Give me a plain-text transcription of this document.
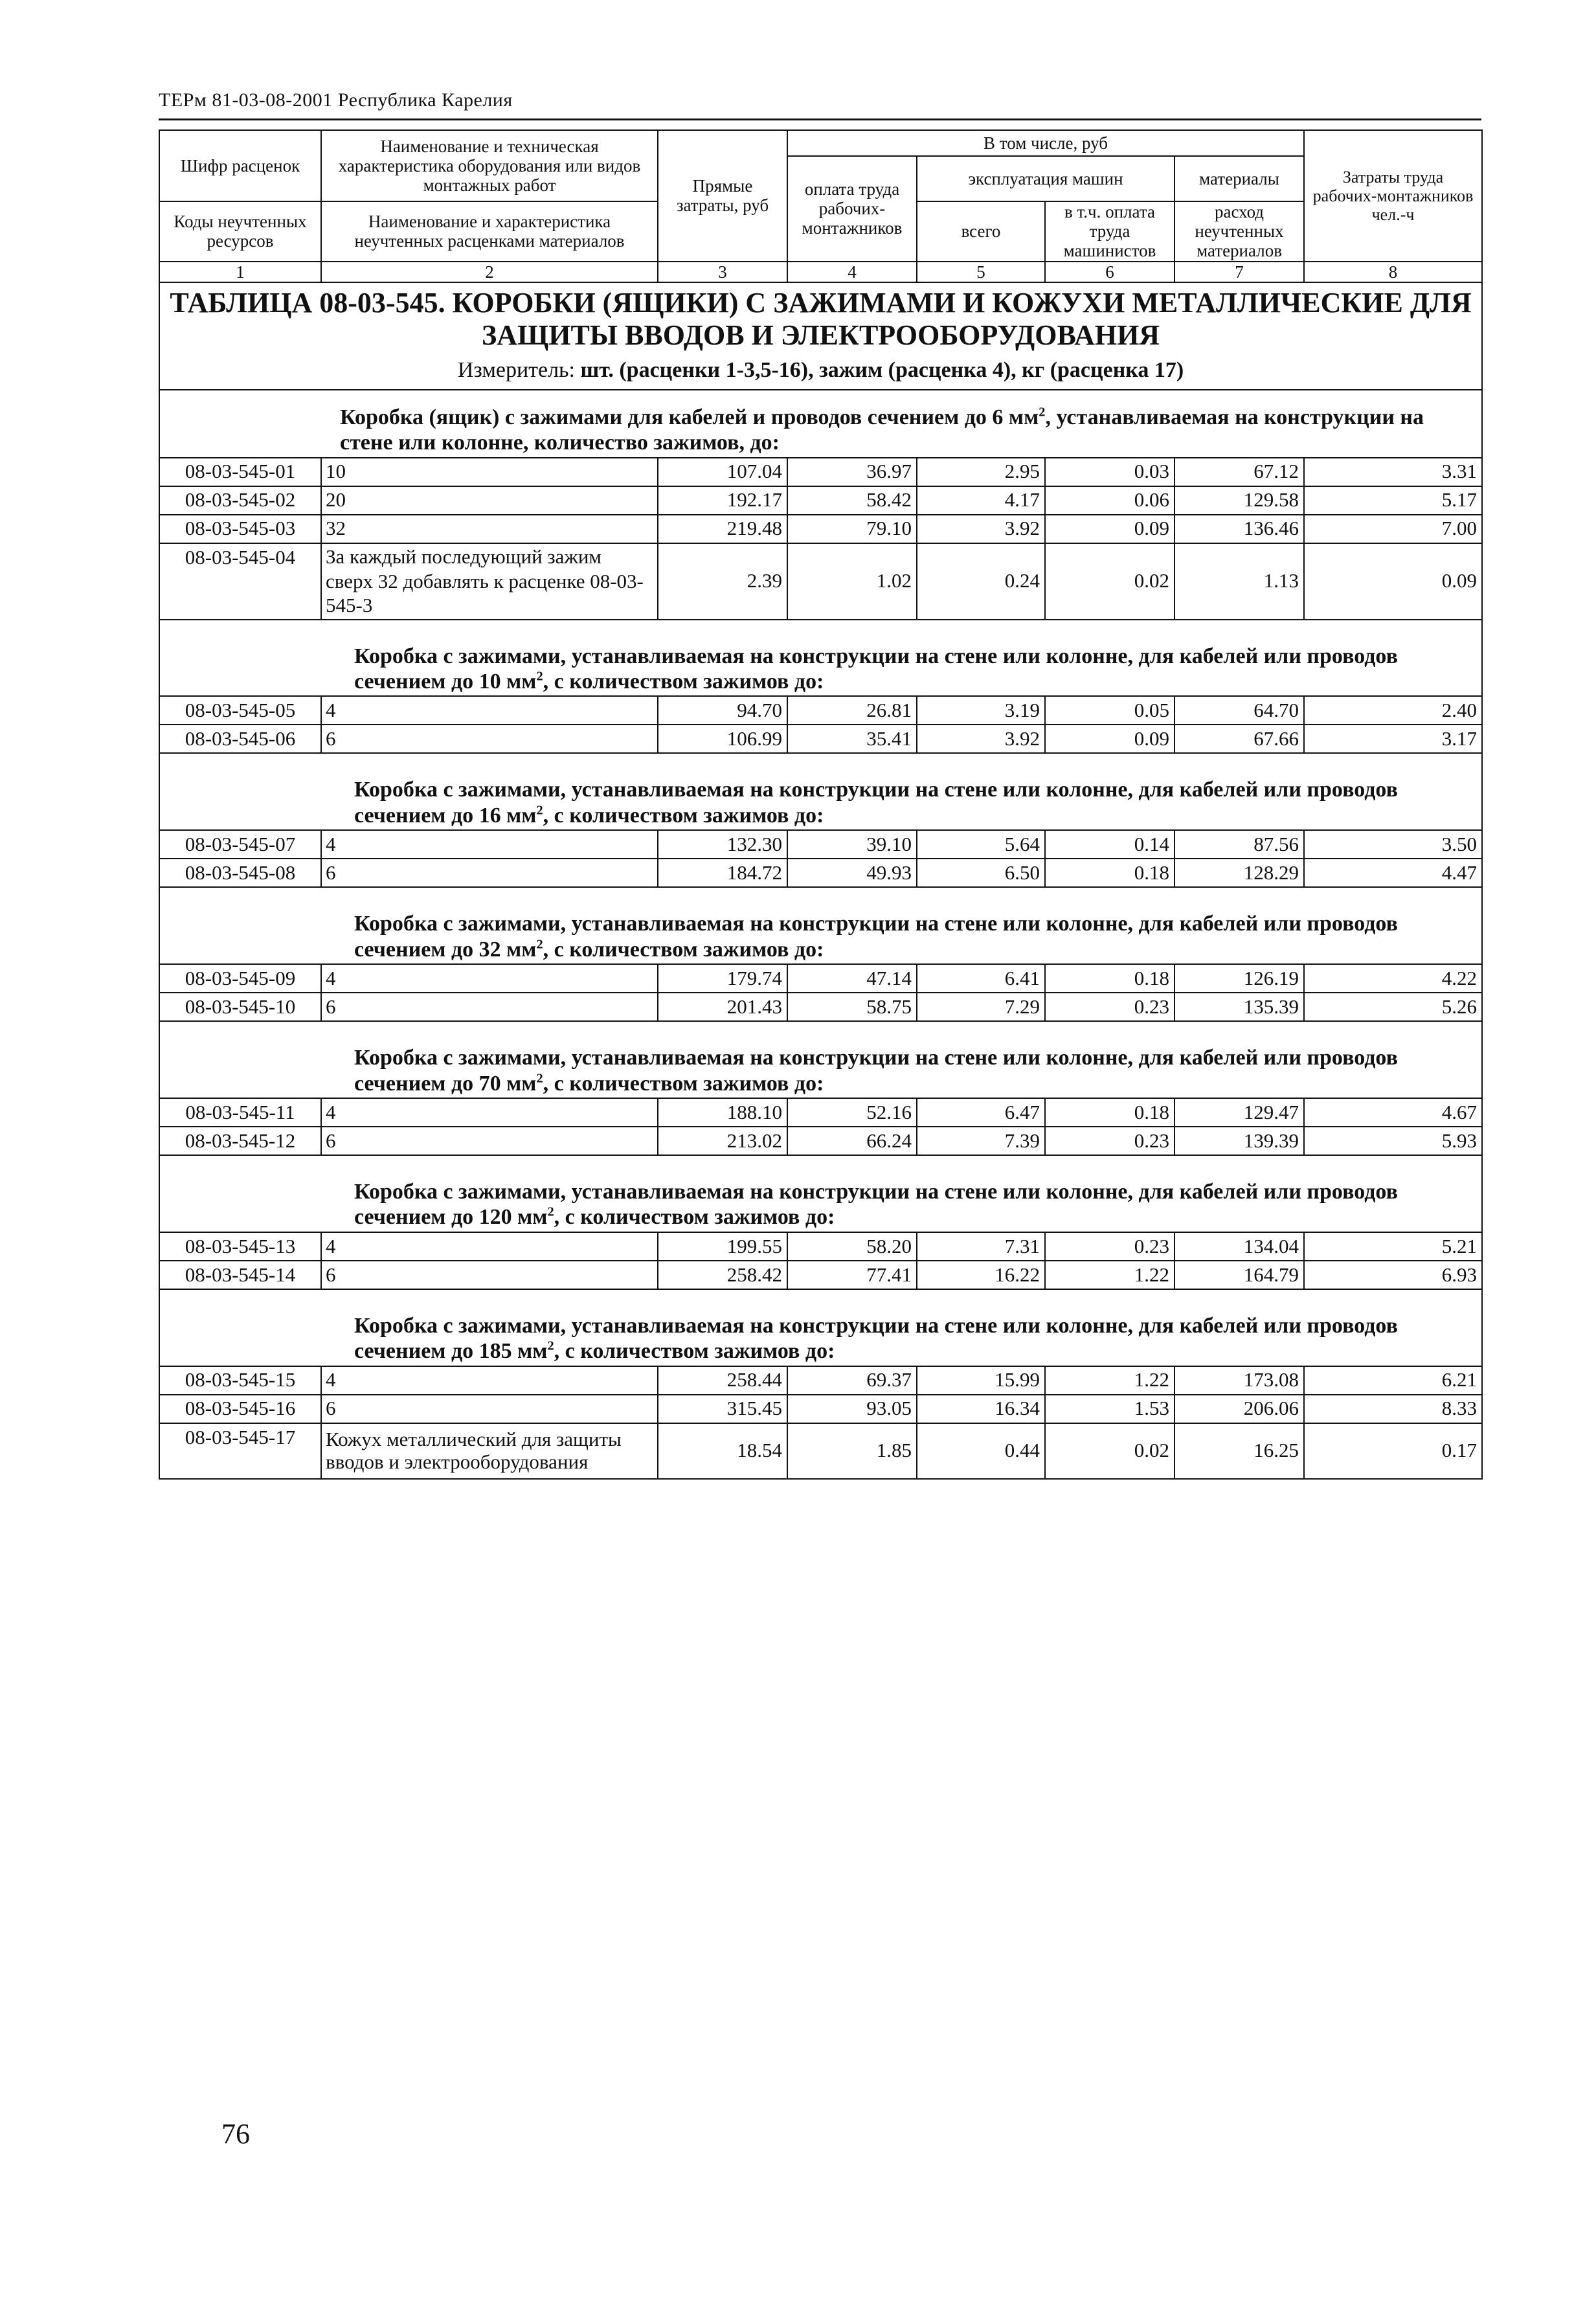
ТЕРм 81-03-08-2001 Республика Карелия
Шифр расценок	Наименование и техническая характеристика оборудования или видов монтажных работ	Прямые затраты, руб	В том числе, руб				Затраты труда рабочих-монтажников чел.-ч
			оплата труда рабочих-монтажников	эксплуатация машин		материалы	
Коды неучтенных ресурсов	Наименование и характеристика неучтенных расценками материалов			всего	в т.ч. оплата труда машинистов	расход неучтенных материалов	

1	2	3	4	5	6	7	8

ТАБЛИЦА 08-03-545. КОРОБКИ (ЯЩИКИ) С ЗАЖИМАМИ И КОЖУХИ МЕТАЛЛИЧЕСКИЕ ДЛЯ ЗАЩИТЫ ВВОДОВ И ЭЛЕКТРООБОРУДОВАНИЯ
Измеритель: шт. (расценки 1-3,5-16), зажим (расценка 4), кг (расценка 17)							

Коробка (ящик) с зажимами для кабелей и проводов сечением до 6 $мм^2$, устанавливаемая на конструкции на стене или колонне, количество зажимов, до:							
08-03-545-01	10	107.04	36.97	2.95	0.03	67.12	3.31
08-03-545-02	20	192.17	58.42	4.17	0.06	129.58	5.17
08-03-545-03	32	219.48	79.10	3.92	0.09	136.46	7.00
08-03-545-04	За каждый последующий зажим сверх 32 добавлять к расценке 08-03-545-3	2.39	1.02	0.24	0.02	1.13	0.09
Коробка с зажимами, устанавливаемая на конструкции на стене или колонне, для кабелей или проводов сечением до 10 $мм^2$, с количеством зажимов до:							
08-03-545-05	4	94.70	26.81	3.19	0.05	64.70	2.40
08-03-545-06	6	106.99	35.41	3.92	0.09	67.66	3.17
Коробка с зажимами, устанавливаемая на конструкции на стене или колонне, для кабелей или проводов сечением до 16 $мм^2$, с количеством зажимов до:							
08-03-545-07	4	132.30	39.10	5.64	0.14	87.56	3.50
08-03-545-08	6	184.72	49.93	6.50	0.18	128.29	4.47
Коробка с зажимами, устанавливаемая на конструкции на стене или колонне, для кабелей или проводов сечением до 32 $мм^2$, с количеством зажимов до:							
08-03-545-09	4	179.74	47.14	6.41	0.18	126.19	4.22
08-03-545-10	6	201.43	58.75	7.29	0.23	135.39	5.26
Коробка с зажимами, устанавливаемая на конструкции на стене или колонне, для кабелей или проводов сечением до 70 $мм^2$, с количеством зажимов до:							
08-03-545-11	4	188.10	52.16	6.47	0.18	129.47	4.67
08-03-545-12	6	213.02	66.24	7.39	0.23	139.39	5.93
Коробка с зажимами, устанавливаемая на конструкции на стене или колонне, для кабелей или проводов сечением до 120 $мм^2$, с количеством зажимов до:							
08-03-545-13	4	199.55	58.20	7.31	0.23	134.04	5.21
08-03-545-14	6	258.42	77.41	16.22	1.22	164.79	6.93
Коробка с зажимами, устанавливаемая на конструкции на стене или колонне, для кабелей или проводов сечением до 185 $мм^2$, с количеством зажимов до:							
08-03-545-15	4	258.44	69.37	15.99	1.22	173.08	6.21
08-03-545-16	6	315.45	93.05	16.34	1.53	206.06	8.33
08-03-545-17	Кожух металлический для защиты вводов и электрооборудования	18.54	1.85	0.44	0.02	16.25	0.17
76
